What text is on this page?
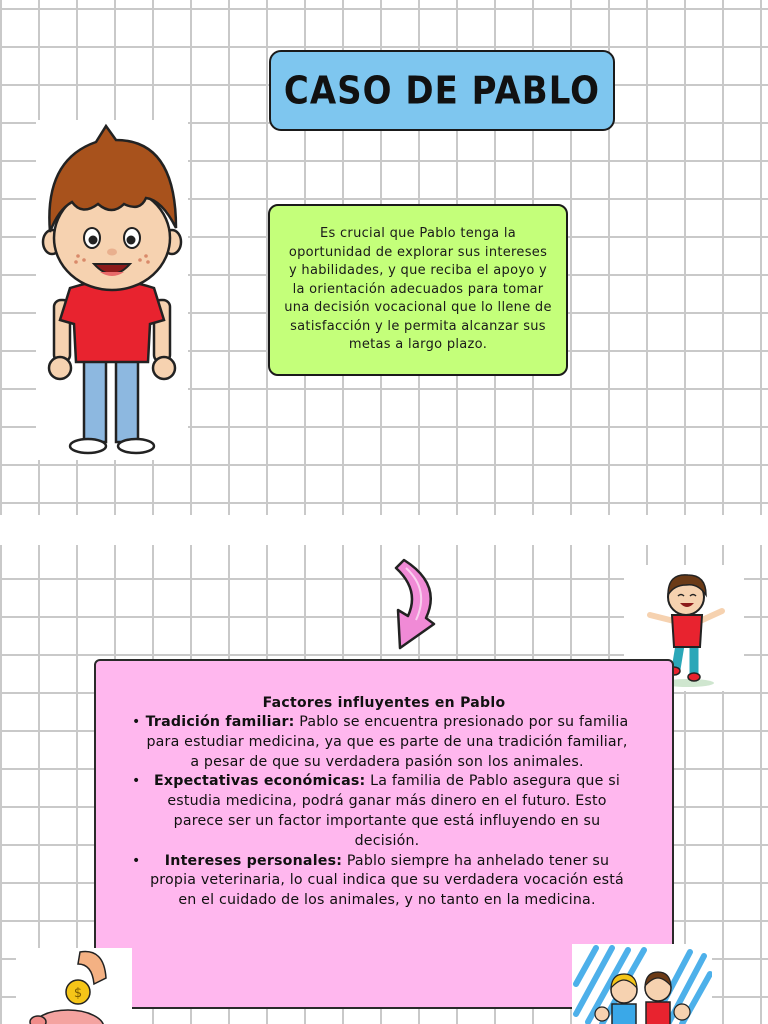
CASO DE PABLO

Es crucial que Pablo tenga la oportunidad de explorar sus intereses y habilidades, y que reciba el apoyo y la orientación adecuados para tomar una decisión vocacional que lo llene de satisfacción y le permita alcanzar sus metas a largo plazo.

Factores influyentes en Pablo

• Tradición familiar: Pablo se encuentra presionado por su familia para estudiar medicina, ya que es parte de una tradición familiar, a pesar de que su verdadera pasión son los animales.
• Expectativas económicas: La familia de Pablo asegura que si estudia medicina, podrá ganar más dinero en el futuro. Esto parece ser un factor importante que está influyendo en su decisión.
• Intereses personales: Pablo siempre ha anhelado tener su propia veterinaria, lo cual indica que su verdadera vocación está en el cuidado de los animales, y no tanto en la medicina.
$
